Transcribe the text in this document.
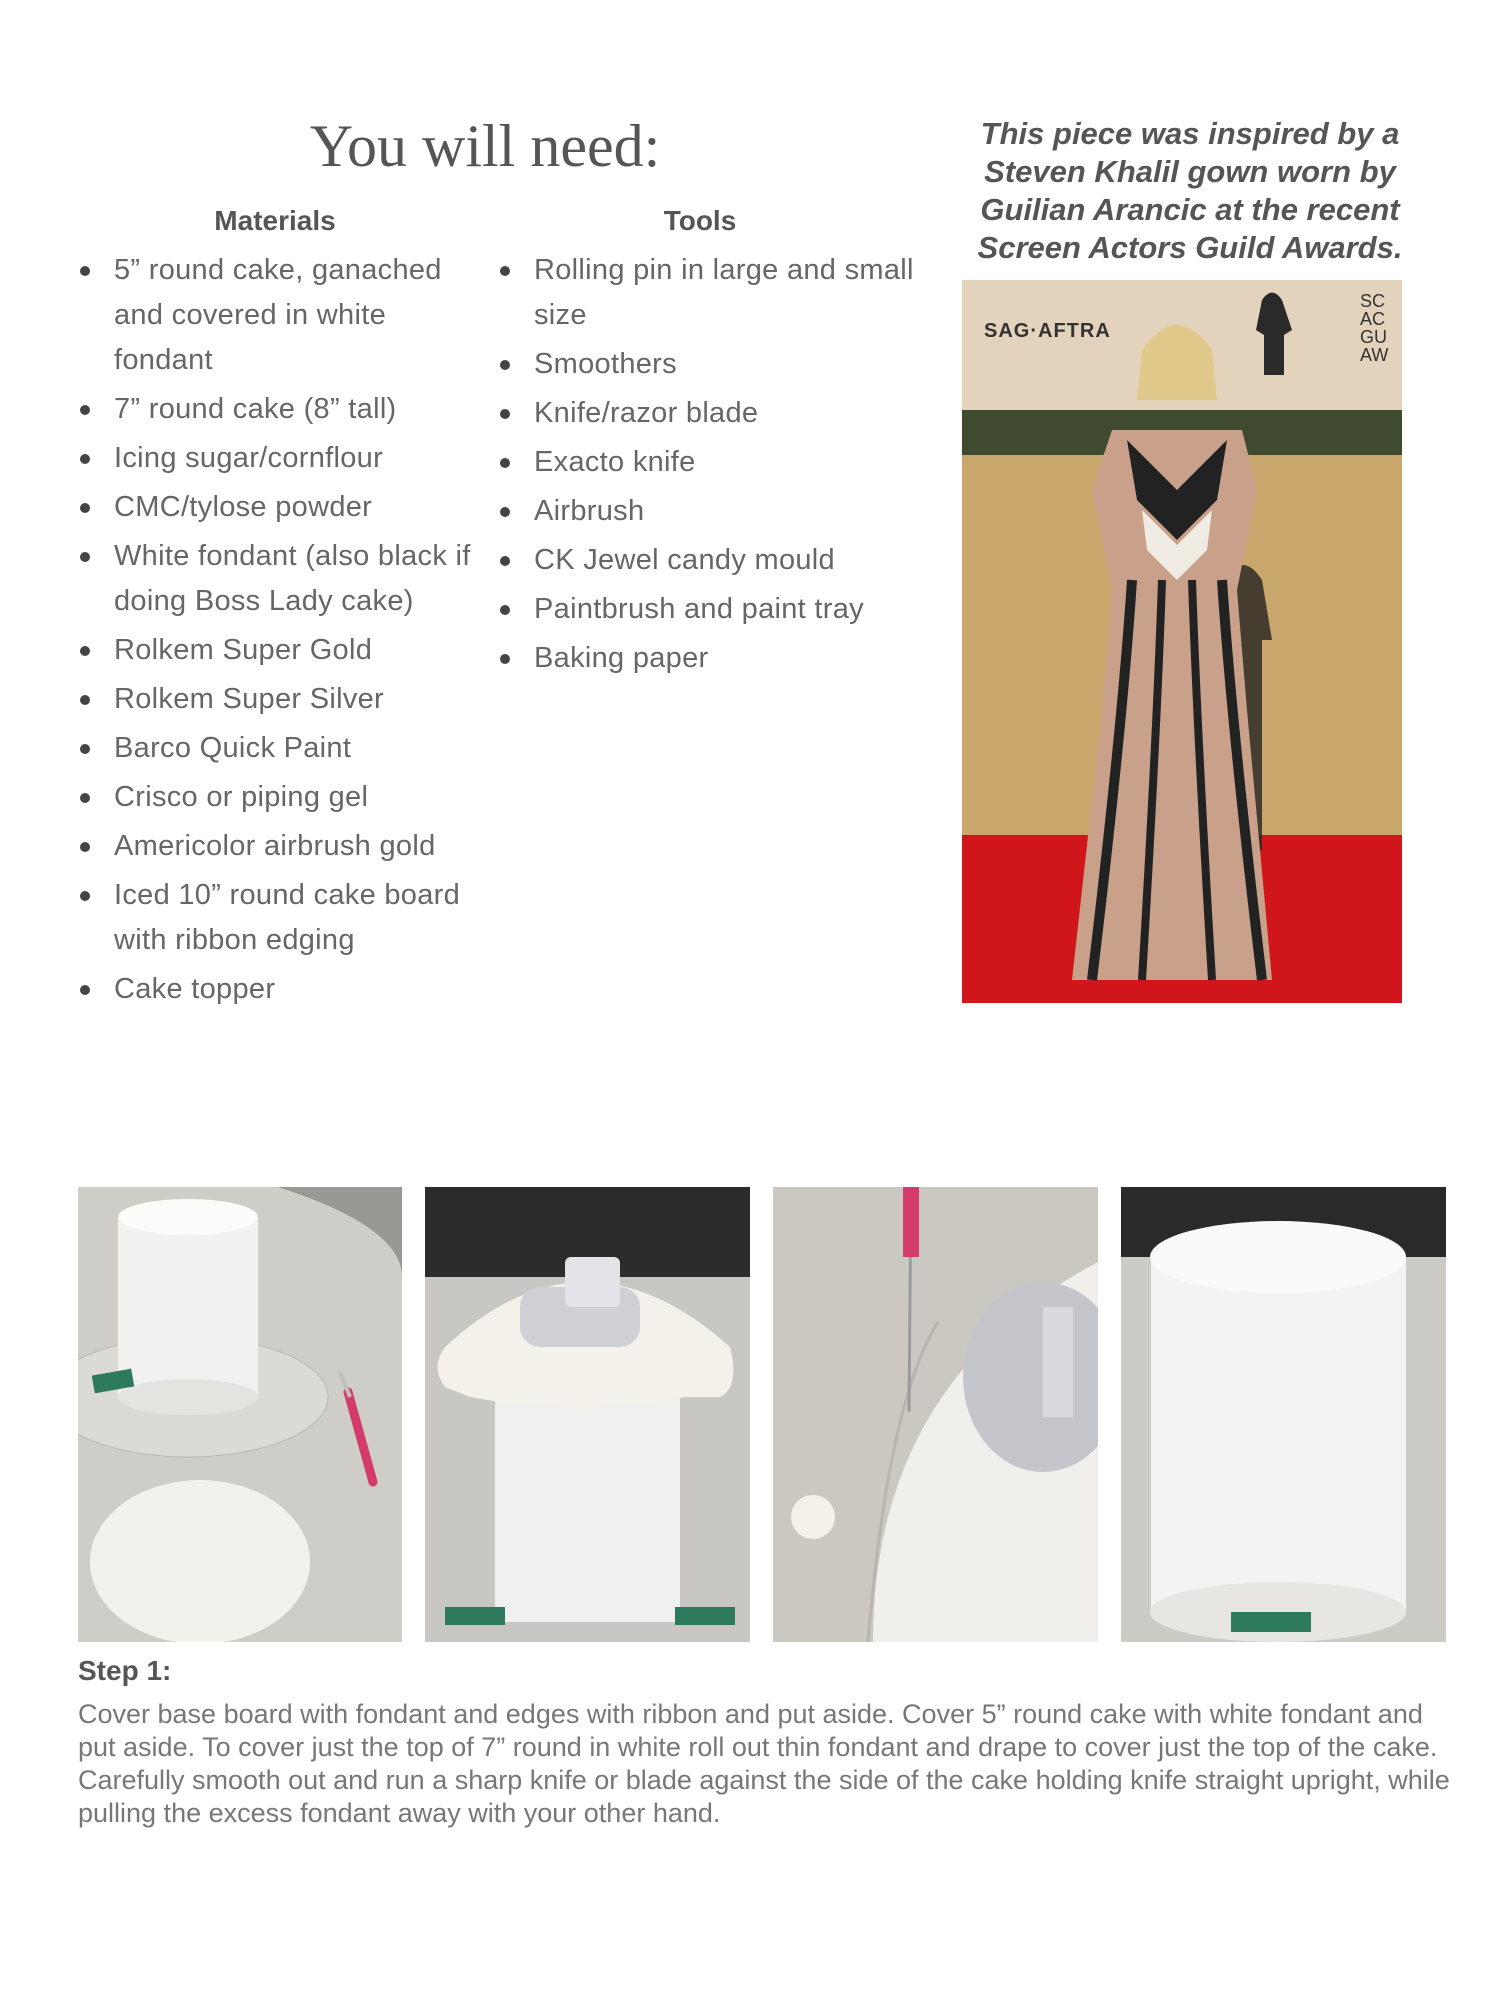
You will need:
Materials
5” round cake, ganached and covered in white fondant
7” round cake (8” tall)
Icing sugar/cornflour
CMC/tylose powder
White fondant (also black if doing Boss Lady cake)
Rolkem Super Gold
Rolkem Super Silver
Barco Quick Paint
Crisco or piping gel
Americolor airbrush gold
Iced 10” round cake board with ribbon edging
Cake topper
Tools
Rolling pin in large and small size
Smoothers
Knife/razor blade
Exacto knife
Airbrush
CK Jewel candy mould
Paintbrush and paint tray
Baking paper
This piece was inspired by a Steven Khalil gown worn by Guilian Arancic at the recent Screen Actors Guild Awards.
SAG·AFTRA
SC
AC
GU
AW
Step 1:
Cover base board with fondant and edges with ribbon and put aside. Cover 5” round cake with white fondant and put aside. To cover just the top of 7” round in white roll out thin fondant and drape to cover just the top of the cake. Carefully smooth out and run a sharp knife or blade against the side of the cake holding knife straight upright, while pulling the excess fondant away with your other hand.
